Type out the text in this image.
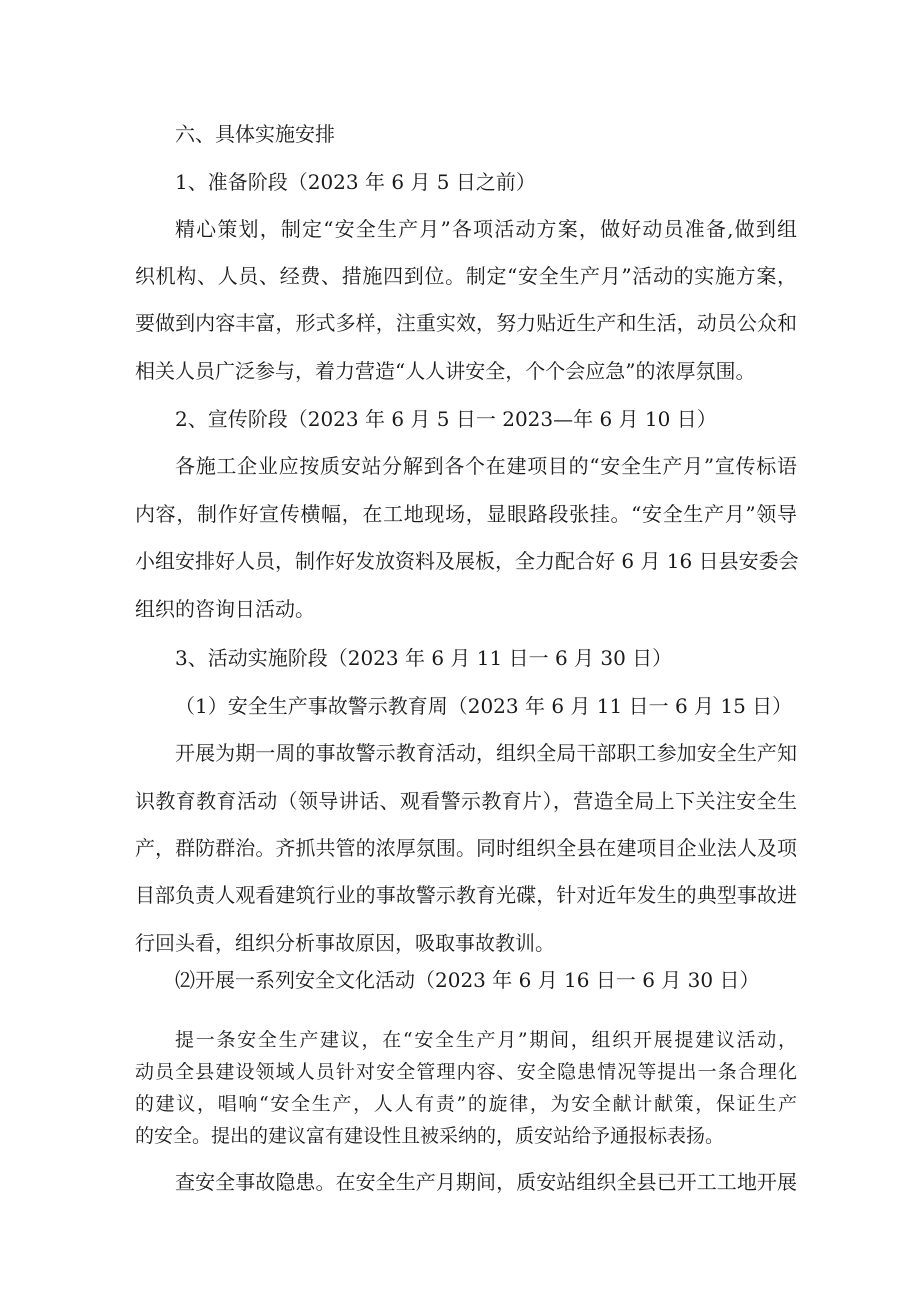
六、具体实施安排
1、准备阶段（2023 年 6 月 5 日之前）
精心策划，制定“安全生产月”各项活动方案，做好动员准备,做到组
织机构、人员、经费、措施四到位。制定“安全生产月”活动的实施方案，
要做到内容丰富，形式多样，注重实效，努力贴近生产和生活，动员公众和
相关人员广泛参与，着力营造“人人讲安全，个个会应急”的浓厚氛围。
2、宣传阶段（2023 年 6 月 5 日一 2023—年 6 月 10 日）
各施工企业应按质安站分解到各个在建项目的“安全生产月”宣传标语
内容，制作好宣传横幅，在工地现场，显眼路段张挂。“安全生产月”领导
小组安排好人员，制作好发放资料及展板，全力配合好 6 月 16 日县安委会
组织的咨询日活动。
3、活动实施阶段（2023 年 6 月 11 日一 6 月 30 日）
（1）安全生产事故警示教育周（2023 年 6 月 11 日一 6 月 15 日）
开展为期一周的事故警示教育活动，组织全局干部职工参加安全生产知
识教育教育活动（领导讲话、观看警示教育片），营造全局上下关注安全生
产，群防群治。齐抓共管的浓厚氛围。同时组织全县在建项目企业法人及项
目部负责人观看建筑行业的事故警示教育光碟，针对近年发生的典型事故进
行回头看，组织分析事故原因，吸取事故教训。
⑵开展一系列安全文化活动（2023 年 6 月 16 日一 6 月 30 日）
提一条安全生产建议，在“安全生产月”期间，组织开展提建议活动，
动员全县建设领域人员针对安全管理内容、安全隐患情况等提出一条合理化
的建议，唱响“安全生产，人人有责”的旋律，为安全献计献策，保证生产
的安全。提出的建议富有建设性且被采纳的，质安站给予通报标表扬。
查安全事故隐患。在安全生产月期间，质安站组织全县已开工工地开展
